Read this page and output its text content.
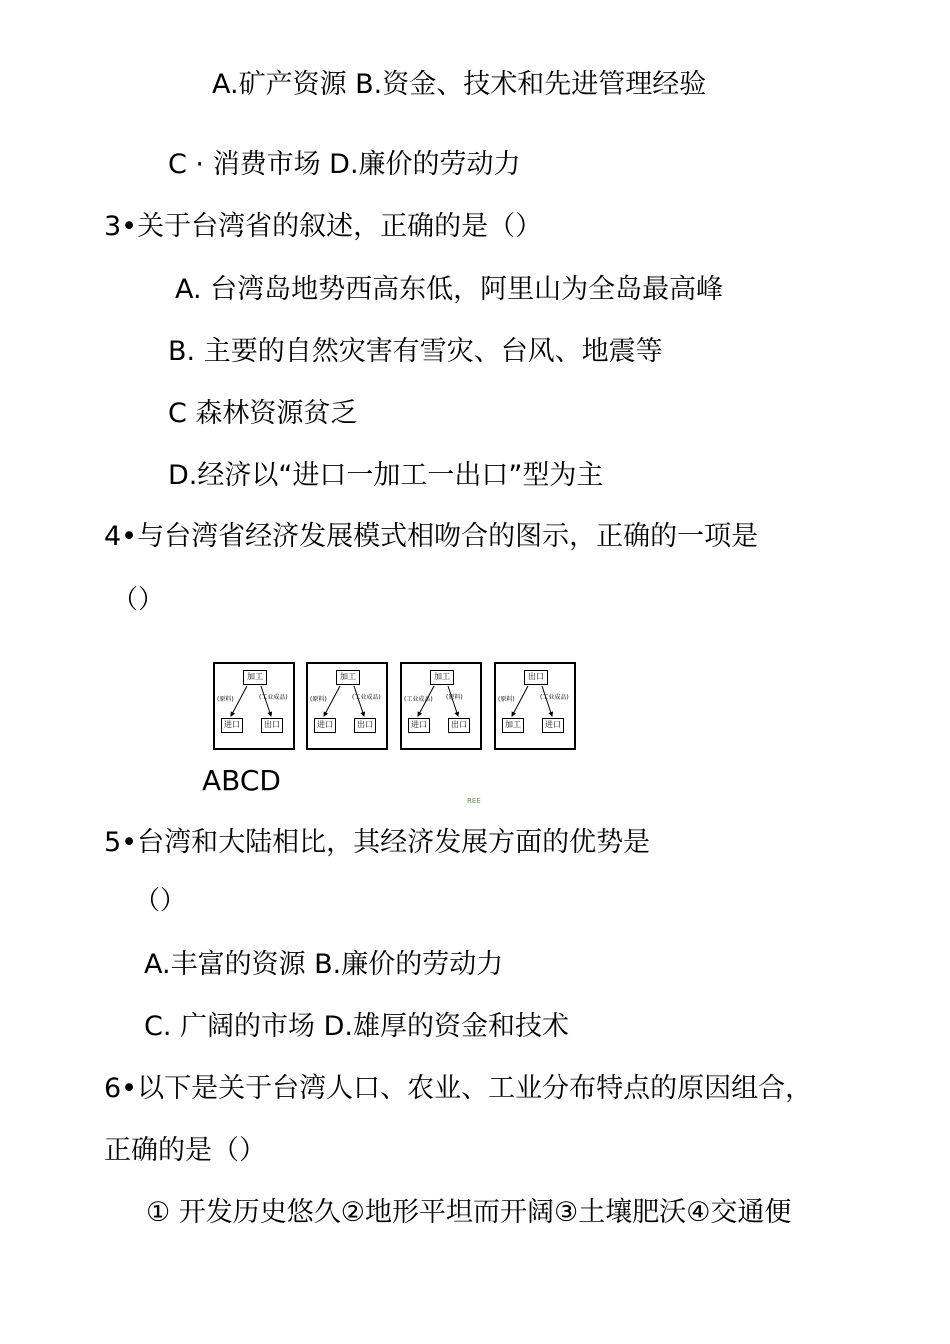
A.矿产资源 B.资金、技术和先进管理经验
C · 消费市场 D.廉价的劳动力
3•关于台湾省的叙述，正确的是（）
A. 台湾岛地势西高东低，阿里山为全岛最高峰
B. 主要的自然灾害有雪灾、台风、地震等
C 森林资源贫乏
D.经济以“进口一加工一出口”型为主
4•与台湾省经济发展模式相吻合的图示，正确的一项是
（）
加工
进口	出口
(原料)	(工业成品)
加工
进口	出口
(原料)	(工业成品)
加工
进口	出口
(工业成品) (原料)
出口
加工	进口
(原料)	(工业成品)
ABCD
REE
5•台湾和大陆相比，其经济发展方面的优势是
（）
A.丰富的资源 B.廉价的劳动力
C. 广阔的市场 D.雄厚的资金和技术
6•以下是关于台湾人口、农业、工业分布特点的原因组合，
正确的是（）
① 开发历史悠久②地形平坦而开阔③土壤肥沃④交通便
